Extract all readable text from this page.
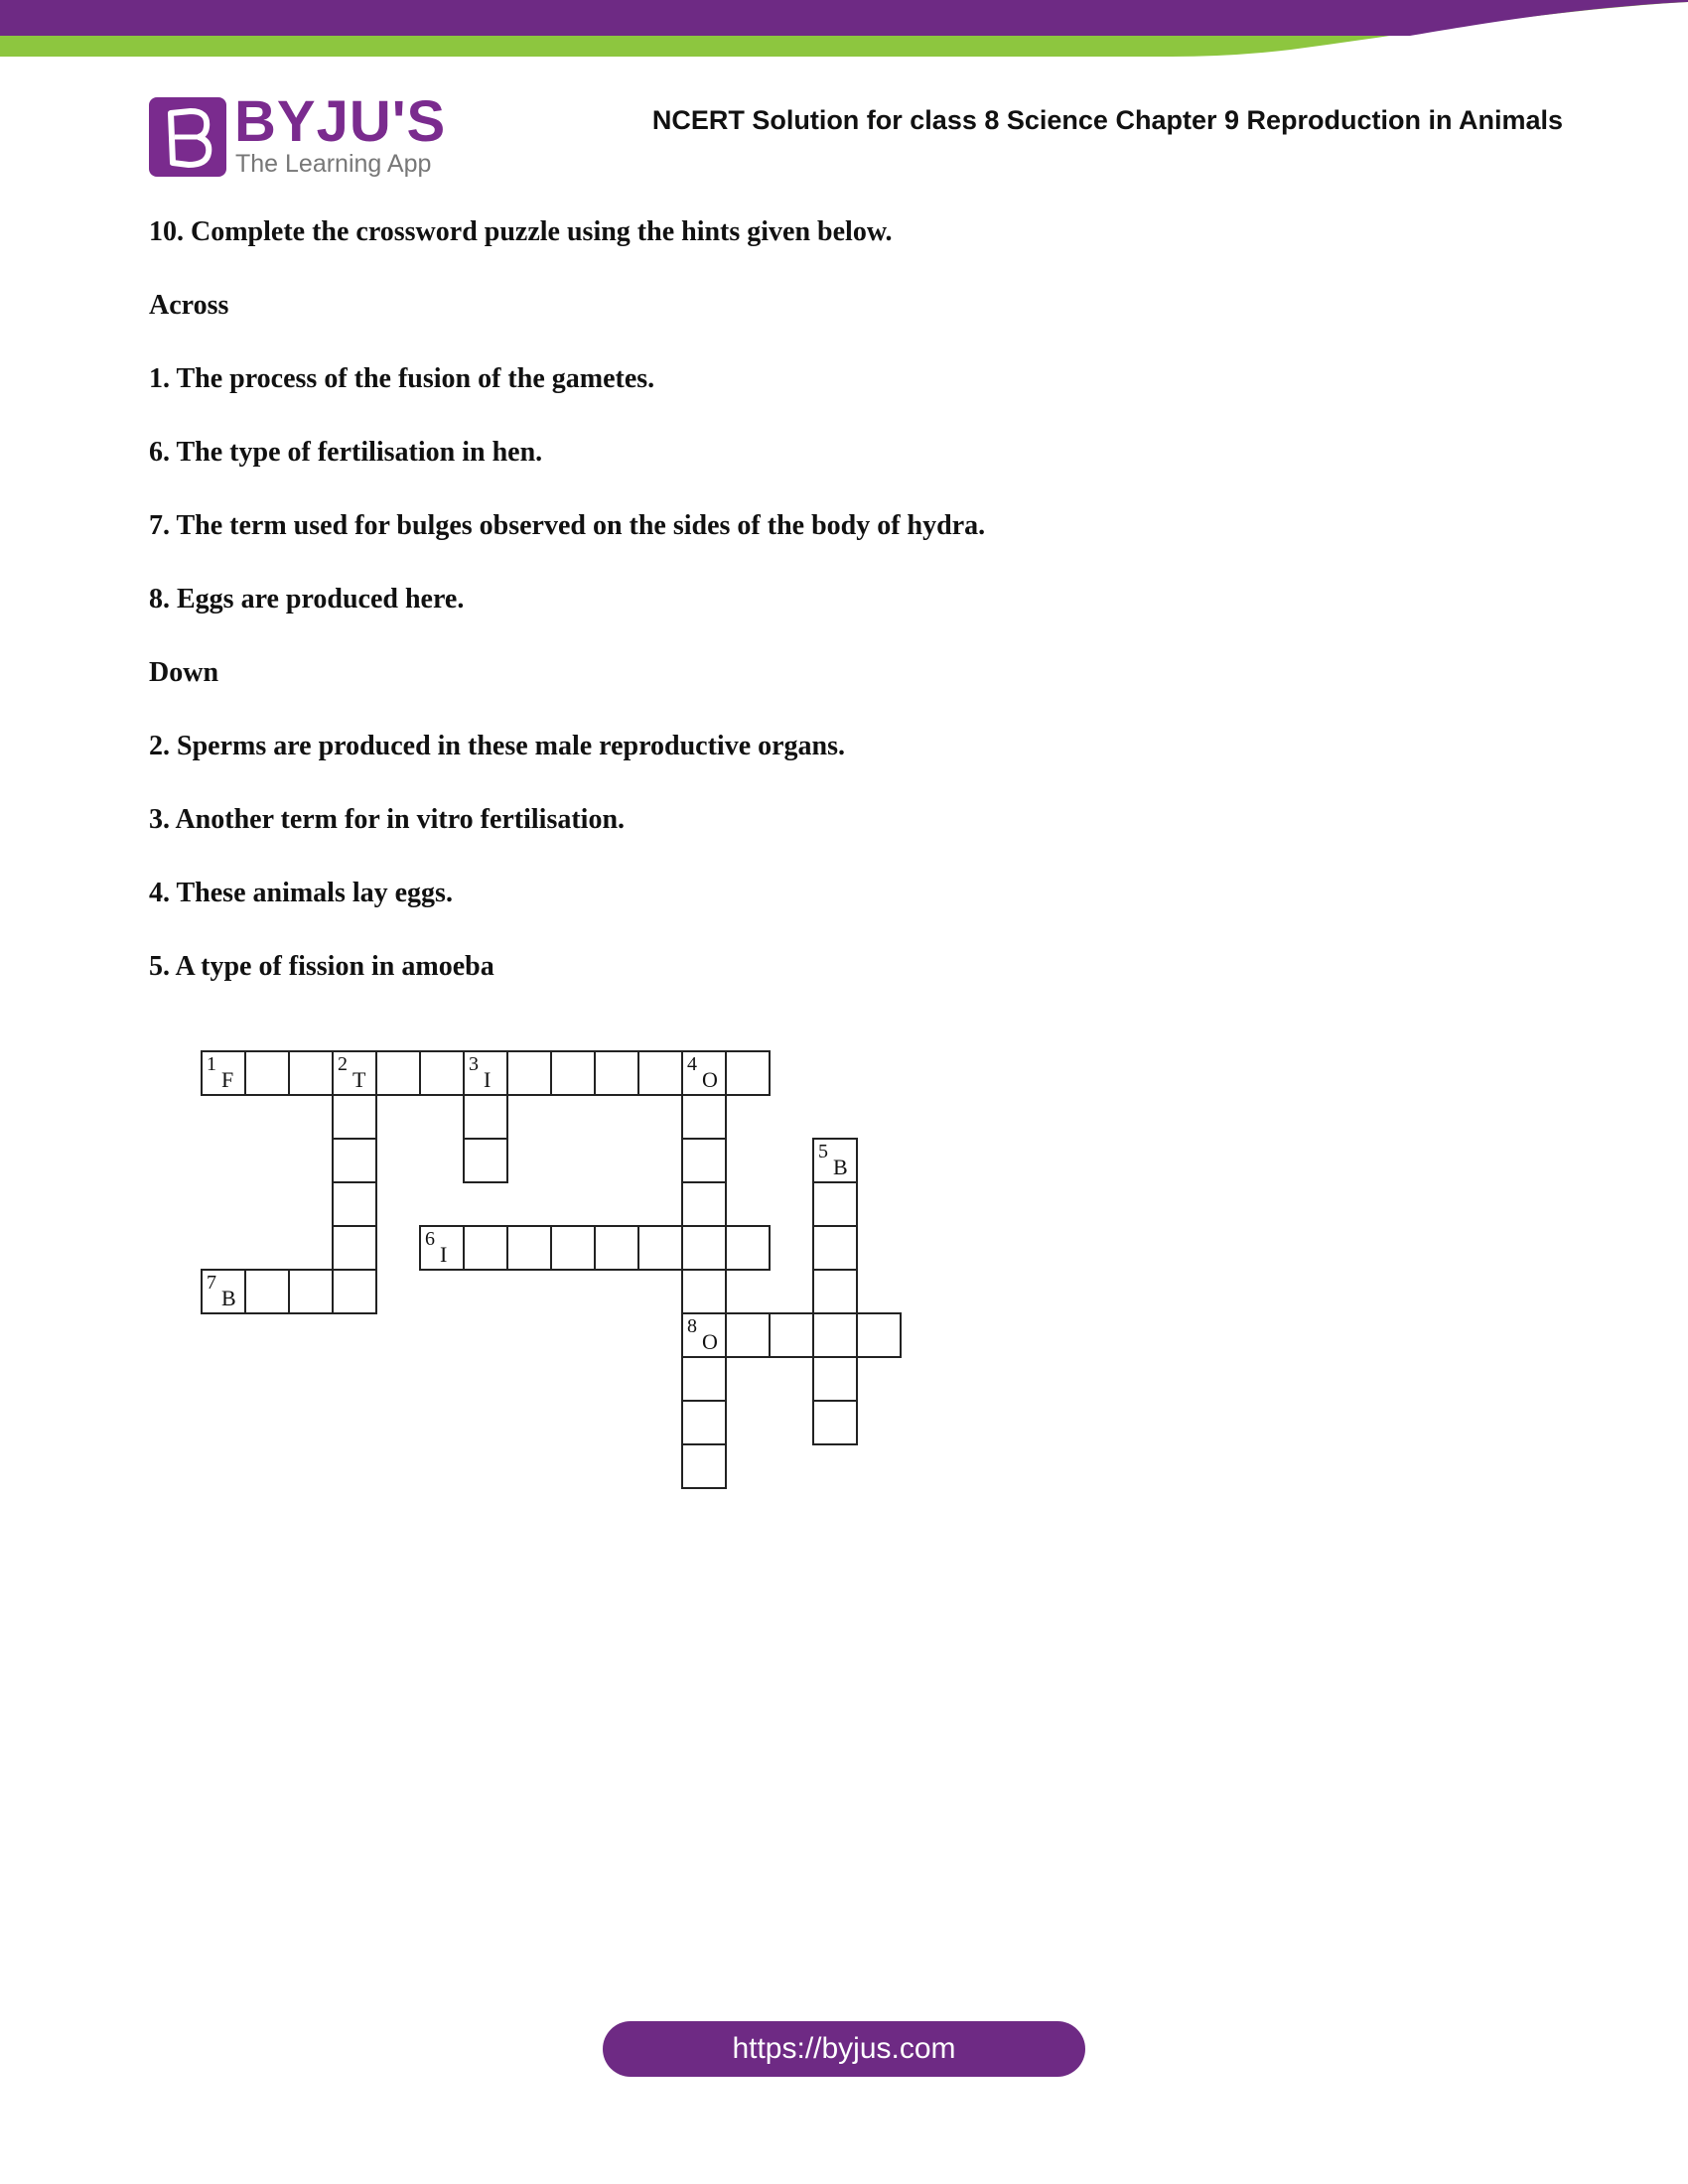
BYJU'S
The Learning App
NCERT Solution for class 8 Science Chapter 9 Reproduction in Animals
10. Complete the crossword puzzle using the hints given below.
Across
1. The process of the fusion of the gametes.
6. The type of fertilisation in hen.
7. The term used for bulges observed on the sides of the body of hydra.
8. Eggs are produced here.
Down
2. Sperms are produced in these male reproductive organs.
3. Another term for in vitro fertilisation.
4. These animals lay eggs.
5. A type of fission in amoeba
1
F
2
T
3
I
4
O
5
B
6
I
7
B
8
O
https://byjus.com
